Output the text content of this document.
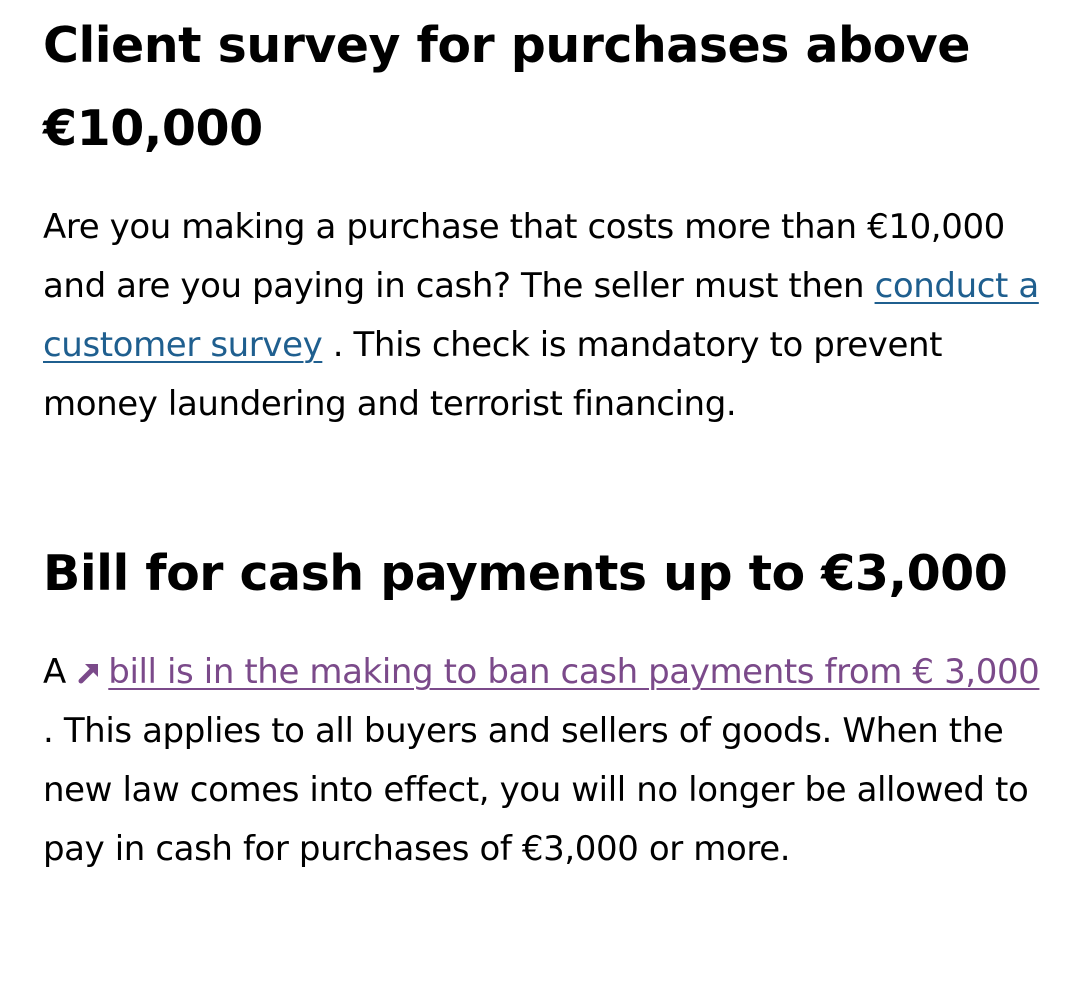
Client survey for purchases above €10,000

Are you making a purchase that costs more than €10,000 and are you paying in cash? The seller must then conduct a customer survey . This check is mandatory to prevent money laundering and terrorist financing.

Bill for cash payments up to €3,000

A bill is in the making to ban cash payments from € 3,000 . This applies to all buyers and sellers of goods. When the new law comes into effect, you will no longer be allowed to pay in cash for purchases of €3,000 or more.
